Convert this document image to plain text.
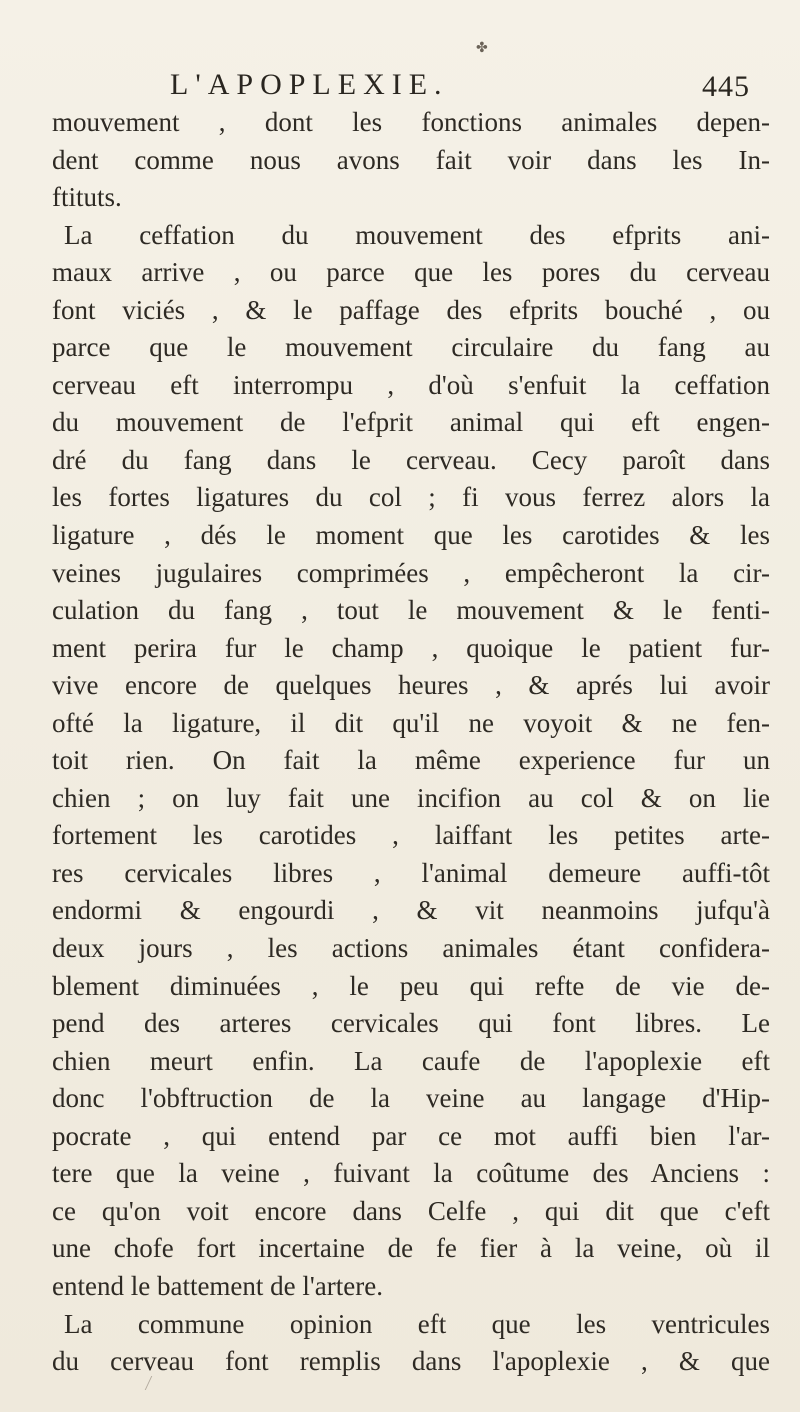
✤
L'APOPLEXIE.	445
mouvement , dont les fonctions animales depen-
dent comme nous avons fait voir dans les In-
ftituts.
La ceffation du mouvement des efprits ani-
maux arrive , ou parce que les pores du cerveau
font viciés , & le paffage des efprits bouché , ou
parce que le mouvement circulaire du fang au
cerveau eft interrompu , d'où s'enfuit la ceffation
du mouvement de l'efprit animal qui eft engen-
dré du fang dans le cerveau. Cecy paroît dans
les fortes ligatures du col ; fi vous ferrez alors la
ligature , dés le moment que les carotides & les
veines jugulaires comprimées , empêcheront la cir-
culation du fang , tout le mouvement & le fenti-
ment perira fur le champ , quoique le patient fur-
vive encore de quelques heures , & aprés lui avoir
ofté la ligature, il dit qu'il ne voyoit & ne fen-
toit rien. On fait la même experience fur un
chien ; on luy fait une incifion au col & on lie
fortement les carotides , laiffant les petites arte-
res cervicales libres , l'animal demeure auffi-tôt
endormi & engourdi , & vit neanmoins jufqu'à
deux jours , les actions animales étant confidera-
blement diminuées , le peu qui refte de vie de-
pend des arteres cervicales qui font libres. Le
chien meurt enfin. La caufe de l'apoplexie eft
donc l'obftruction de la veine au langage d'Hip-
pocrate , qui entend par ce mot auffi bien l'ar-
tere que la veine , fuivant la coûtume des Anciens :
ce qu'on voit encore dans Celfe , qui dit que c'eft
une chofe fort incertaine de fe fier à la veine, où il
entend le battement de l'artere.
La commune opinion eft que les ventricules
du cerveau font remplis dans l'apoplexie , & que
